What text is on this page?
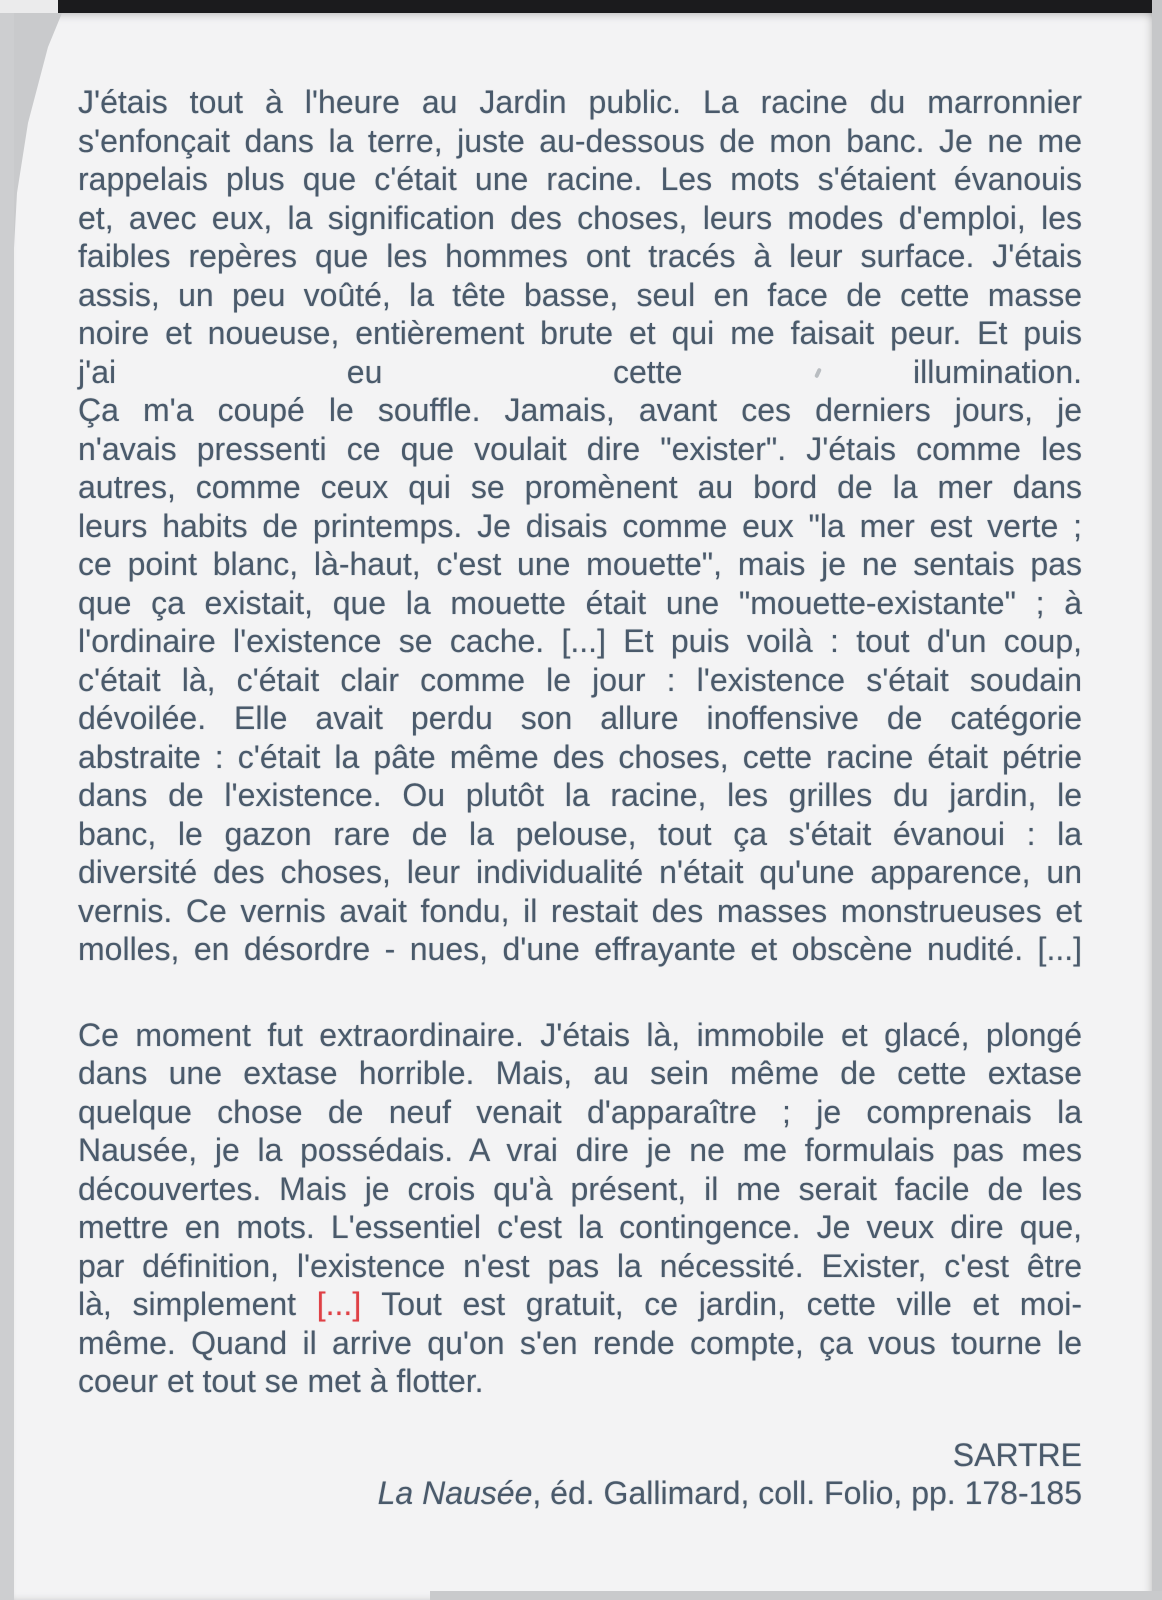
J'étais tout à l'heure au Jardin public. La racine du marronnier
s'enfonçait dans la terre, juste au-dessous de mon banc. Je ne me
rappelais plus que c'était une racine. Les mots s'étaient évanouis
et, avec eux, la signification des choses, leurs modes d'emploi, les
faibles repères que les hommes ont tracés à leur surface. J'étais
assis, un peu voûté, la tête basse, seul en face de cette masse
noire et noueuse, entièrement brute et qui me faisait peur. Et puis
j'ai eu cette illumination.
Ça m'a coupé le souffle. Jamais, avant ces derniers jours, je
n'avais pressenti ce que voulait dire "exister". J'étais comme les
autres, comme ceux qui se promènent au bord de la mer dans
leurs habits de printemps. Je disais comme eux "la mer est verte ;
ce point blanc, là-haut, c'est une mouette", mais je ne sentais pas
que ça existait, que la mouette était une "mouette-existante" ; à
l'ordinaire l'existence se cache. [...] Et puis voilà : tout d'un coup,
c'était là, c'était clair comme le jour : l'existence s'était soudain
dévoilée. Elle avait perdu son allure inoffensive de catégorie
abstraite : c'était la pâte même des choses, cette racine était pétrie
dans de l'existence. Ou plutôt la racine, les grilles du jardin, le
banc, le gazon rare de la pelouse, tout ça s'était évanoui : la
diversité des choses, leur individualité n'était qu'une apparence, un
vernis. Ce vernis avait fondu, il restait des masses monstrueuses et
molles, en désordre - nues, d'une effrayante et obscène nudité. [...]
Ce moment fut extraordinaire. J'étais là, immobile et glacé, plongé
dans une extase horrible. Mais, au sein même de cette extase
quelque chose de neuf venait d'apparaître ; je comprenais la
Nausée, je la possédais. A vrai dire je ne me formulais pas mes
découvertes. Mais je crois qu'à présent, il me serait facile de les
mettre en mots. L'essentiel c'est la contingence. Je veux dire que,
par définition, l'existence n'est pas la nécessité. Exister, c'est être
là, simplement [...] Tout est gratuit, ce jardin, cette ville et moi-
même. Quand il arrive qu'on s'en rende compte, ça vous tourne le
coeur et tout se met à flotter.
SARTRE
La Nausée, éd. Gallimard, coll. Folio, pp. 178-185
